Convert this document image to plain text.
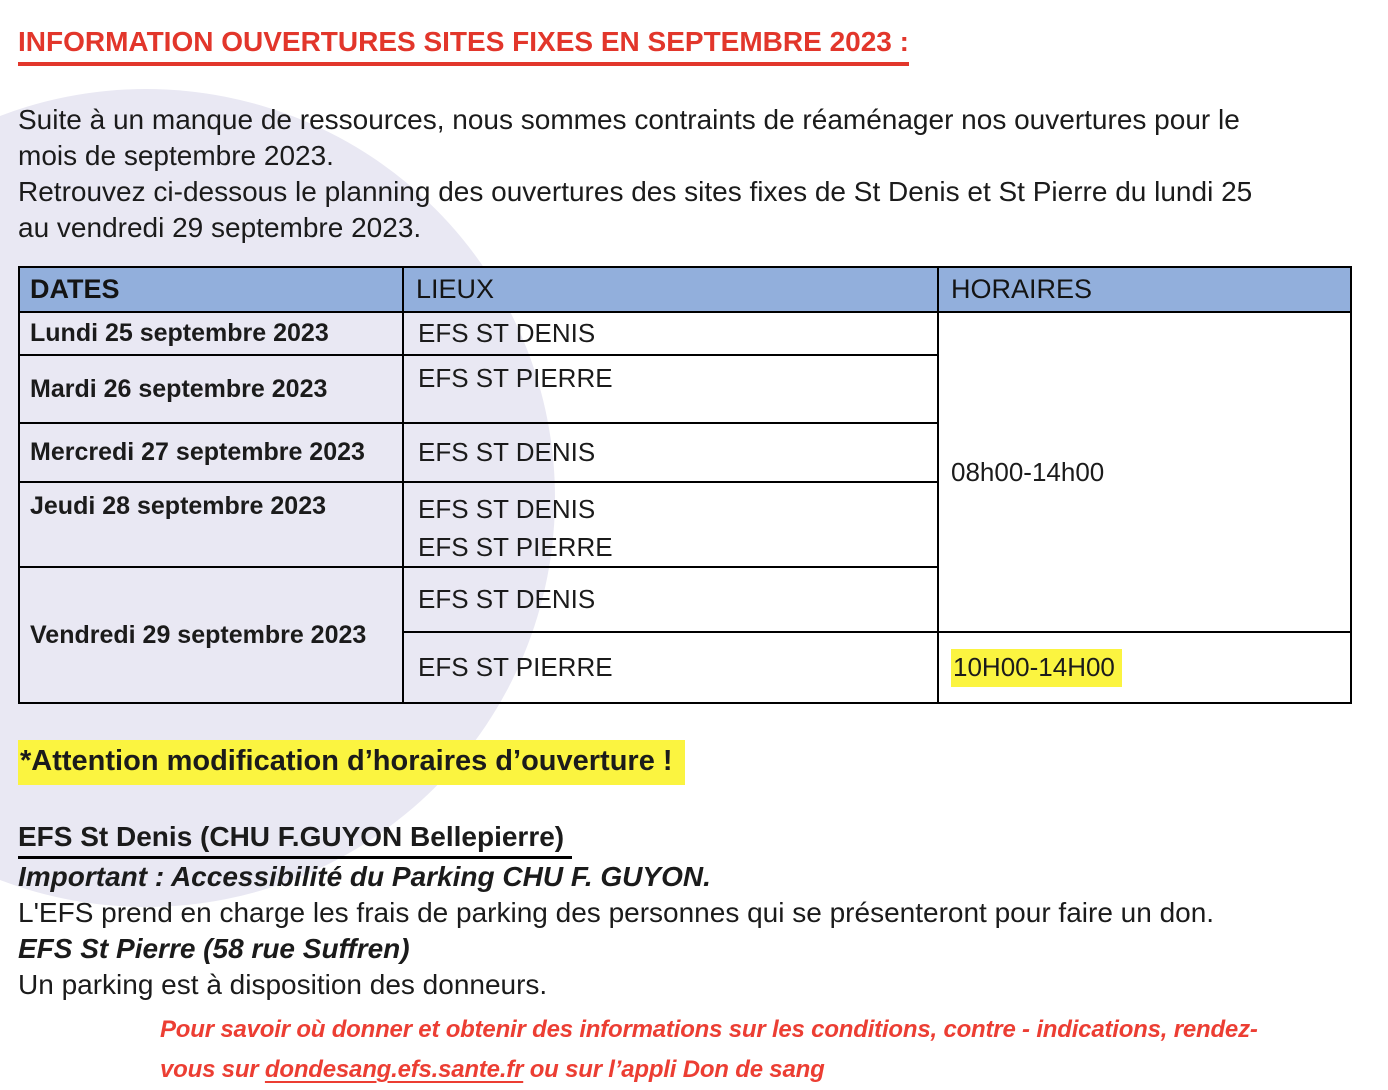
INFORMATION OUVERTURES SITES FIXES EN SEPTEMBRE 2023 :
Suite à un manque de ressources, nous sommes contraints de réaménager nos ouvertures pour le
mois de septembre 2023.
Retrouvez ci-dessous le planning des ouvertures des sites fixes de St Denis et St Pierre du lundi 25
au vendredi 29 septembre 2023.
DATES	LIEUX	HORAIRES
Lundi 25 septembre 2023	EFS ST DENIS	08h00-14h00
Mardi 26 septembre 2023	EFS ST PIERRE	
Mercredi 27 septembre 2023	EFS ST DENIS	
Jeudi 28 septembre 2023	EFS ST DENIS
EFS ST PIERRE	

Vendredi 29 septembre 2023	EFS ST DENIS	
	EFS ST PIERRE	10H00-14H00
*Attention modification d’horaires d’ouverture !
EFS St Denis (CHU F.GUYON Bellepierre)
Important : Accessibilité du Parking CHU F. GUYON.
L'EFS prend en charge les frais de parking des personnes qui se présenteront pour faire un don.
EFS St Pierre (58 rue Suffren)
Un parking est à disposition des donneurs.
Pour savoir où donner et obtenir des informations sur les conditions, contre - indications, rendez-
vous sur dondesang.efs.sante.fr ou sur l’appli Don de sang
